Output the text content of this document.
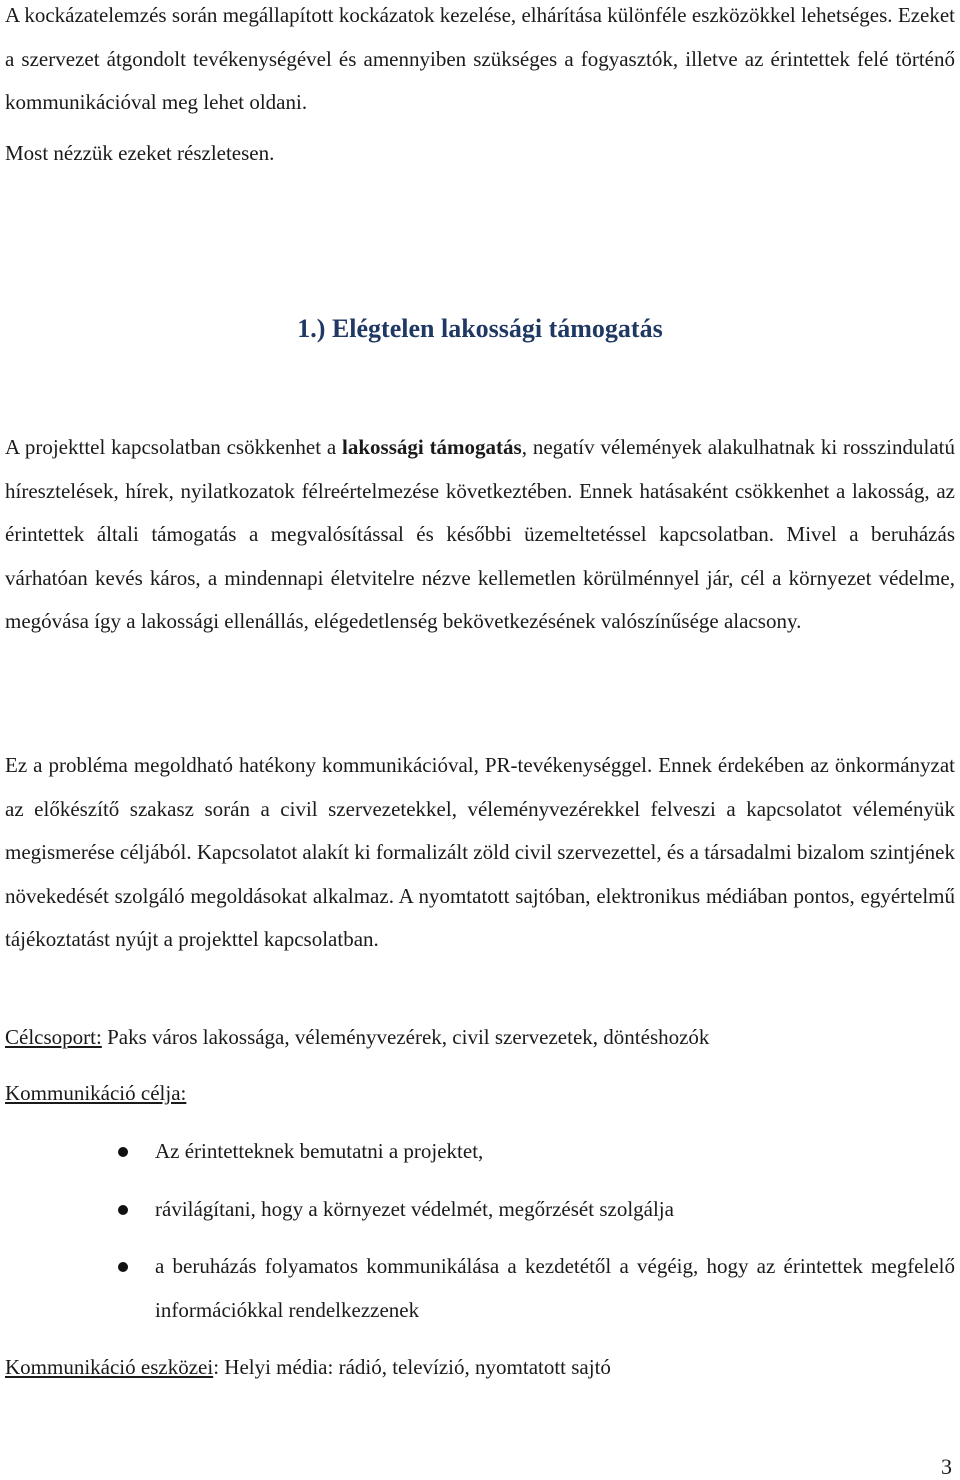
A kockázatelemzés során megállapított kockázatok kezelése, elhárítása különféle eszközökkel lehetséges. Ezeket a szervezet átgondolt tevékenységével és amennyiben szükséges a fogyasztók, illetve az érintettek felé történő kommunikációval meg lehet oldani.

Most nézzük ezeket részletesen.

A projekttel kapcsolatban csökkenhet a lakossági támogatás, negatív vélemények alakulhatnak ki rosszindulatú híresztelések, hírek, nyilatkozatok félreértelmezése következtében. Ennek hatásaként csökkenhet a lakosság, az érintettek általi támogatás a megvalósítással és későbbi üzemeltetéssel kapcsolatban. Mivel a beruházás várhatóan kevés káros, a mindennapi életvitelre nézve kellemetlen körülménnyel jár, cél a környezet védelme, megóvása így a lakossági ellenállás, elégedetlenség bekövetkezésének valószínűsége alacsony.

Ez a probléma megoldható hatékony kommunikációval, PR-tevékenységgel. Ennek érdekében az önkormányzat az előkészítő szakasz során a civil szervezetekkel, véleményvezérekkel felveszi a kapcsolatot véleményük megismerése céljából. Kapcsolatot alakít ki formalizált zöld civil szervezettel, és a társadalmi bizalom szintjének növekedését szolgáló megoldásokat alkalmaz. A nyomtatott sajtóban, elektronikus médiában pontos, egyértelmű tájékoztatást nyújt a projekttel kapcsolatban.

Célcsoport: Paks város lakossága, véleményvezérek, civil szervezetek, döntéshozók

Kommunikáció célja:

Az érintetteknek bemutatni a projektet,
rávilágítani, hogy a környezet védelmét, megőrzését szolgálja
a beruházás folyamatos kommunikálása a kezdetétől a végéig, hogy az érintettek megfelelő információkkal rendelkezzenek

Kommunikáció eszközei: Helyi média: rádió, televízió, nyomtatott sajtó

1.) Elégtelen lakossági támogatás
3
